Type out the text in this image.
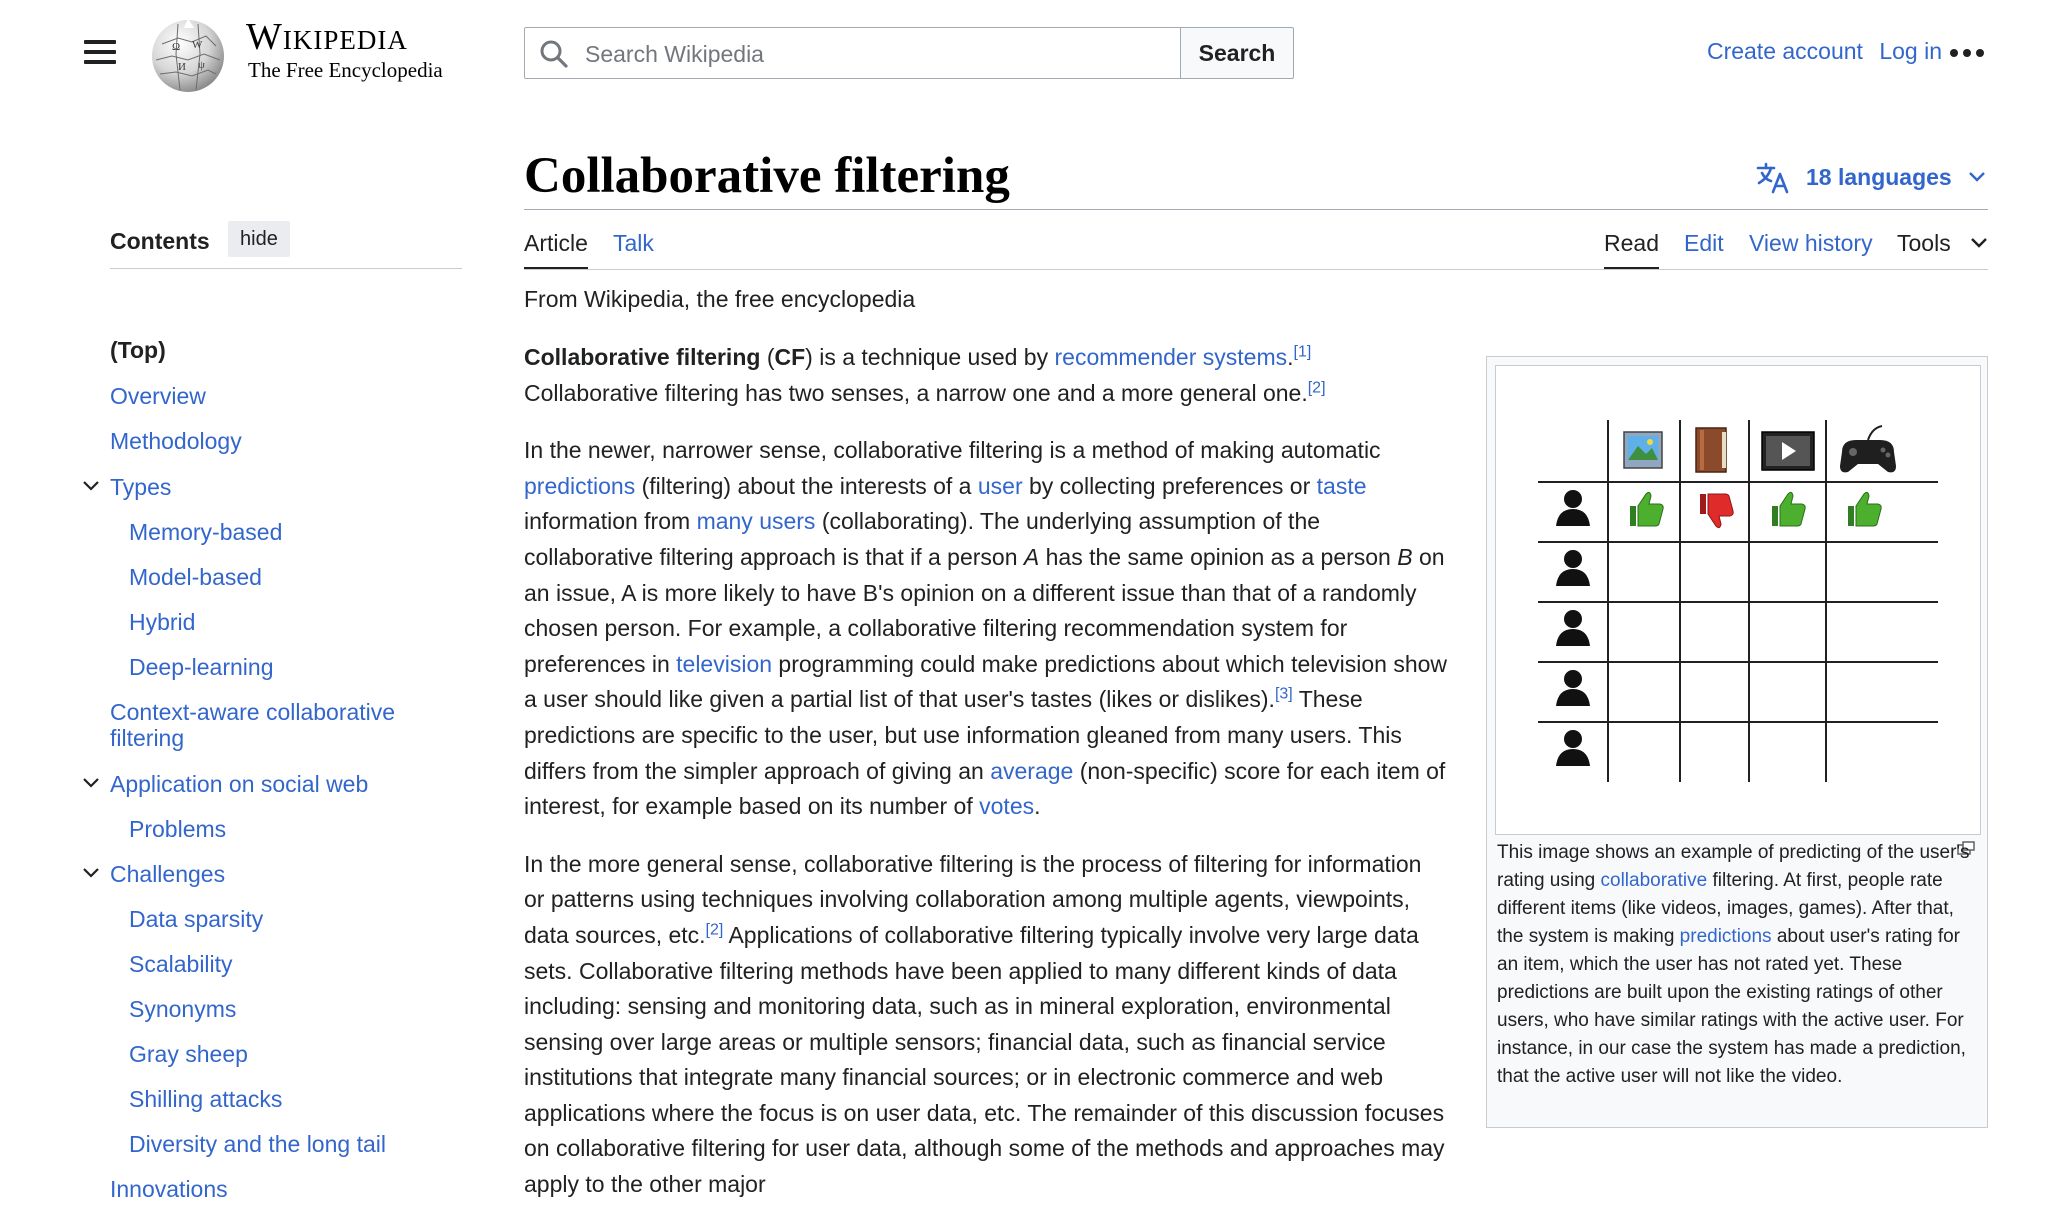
Ω W
И ψ
Wikipedia
The Free Encyclopedia
Search Wikipedia
Search	Create account Log in
Contents	hide
(Top)
Overview
Methodology
Types
Memory-based
Model-based
Hybrid
Deep-learning
Context-aware collaborative filtering
Application on social web
Problems
Challenges
Data sparsity
Scalability
Synonyms
Gray sheep
Shilling attacks
Diversity and the long tail
Innovations
Collaborative filtering	18 languages
Article Talk	Read Edit View history Tools
From Wikipedia, the free encyclopedia

Collaborative filtering (CF) is a technique used by recommender systems.[1] Collaborative filtering has two senses, a narrow one and a more general one.[2]

In the newer, narrower sense, collaborative filtering is a method of making automatic predictions (filtering) about the interests of a user by collecting preferences or taste information from many users (collaborating). The underlying assumption of the collaborative filtering approach is that if a person A has the same opinion as a person B on an issue, A is more likely to have B's opinion on a different issue than that of a randomly chosen person. For example, a collaborative filtering recommendation system for preferences in television programming could make predictions about which television show a user should like given a partial list of that user's tastes (likes or dislikes).[3] These predictions are specific to the user, but use information gleaned from many users. This differs from the simpler approach of giving an average (non-specific) score for each item of interest, for example based on its number of votes.

In the more general sense, collaborative filtering is the process of filtering for information or patterns using techniques involving collaboration among multiple agents, viewpoints, data sources, etc.[2] Applications of collaborative filtering typically involve very large data sets. Collaborative filtering methods have been applied to many different kinds of data including: sensing and monitoring data, such as in mineral exploration, environmental sensing over large areas or multiple sensors; financial data, such as financial service institutions that integrate many financial sources; or in electronic commerce and web applications where the focus is on user data, etc. The remainder of this discussion focuses on collaborative filtering for user data, although some of the methods and approaches may apply to the other major

This image shows an example of predicting of the user's rating using collaborative filtering. At first, people rate different items (like videos, images, games). After that, the system is making predictions about user's rating for an item, which the user has not rated yet. These predictions are built upon the existing ratings of other users, who have similar ratings with the active user. For instance, in our case the system has made a prediction, that the active user will not like the video.
